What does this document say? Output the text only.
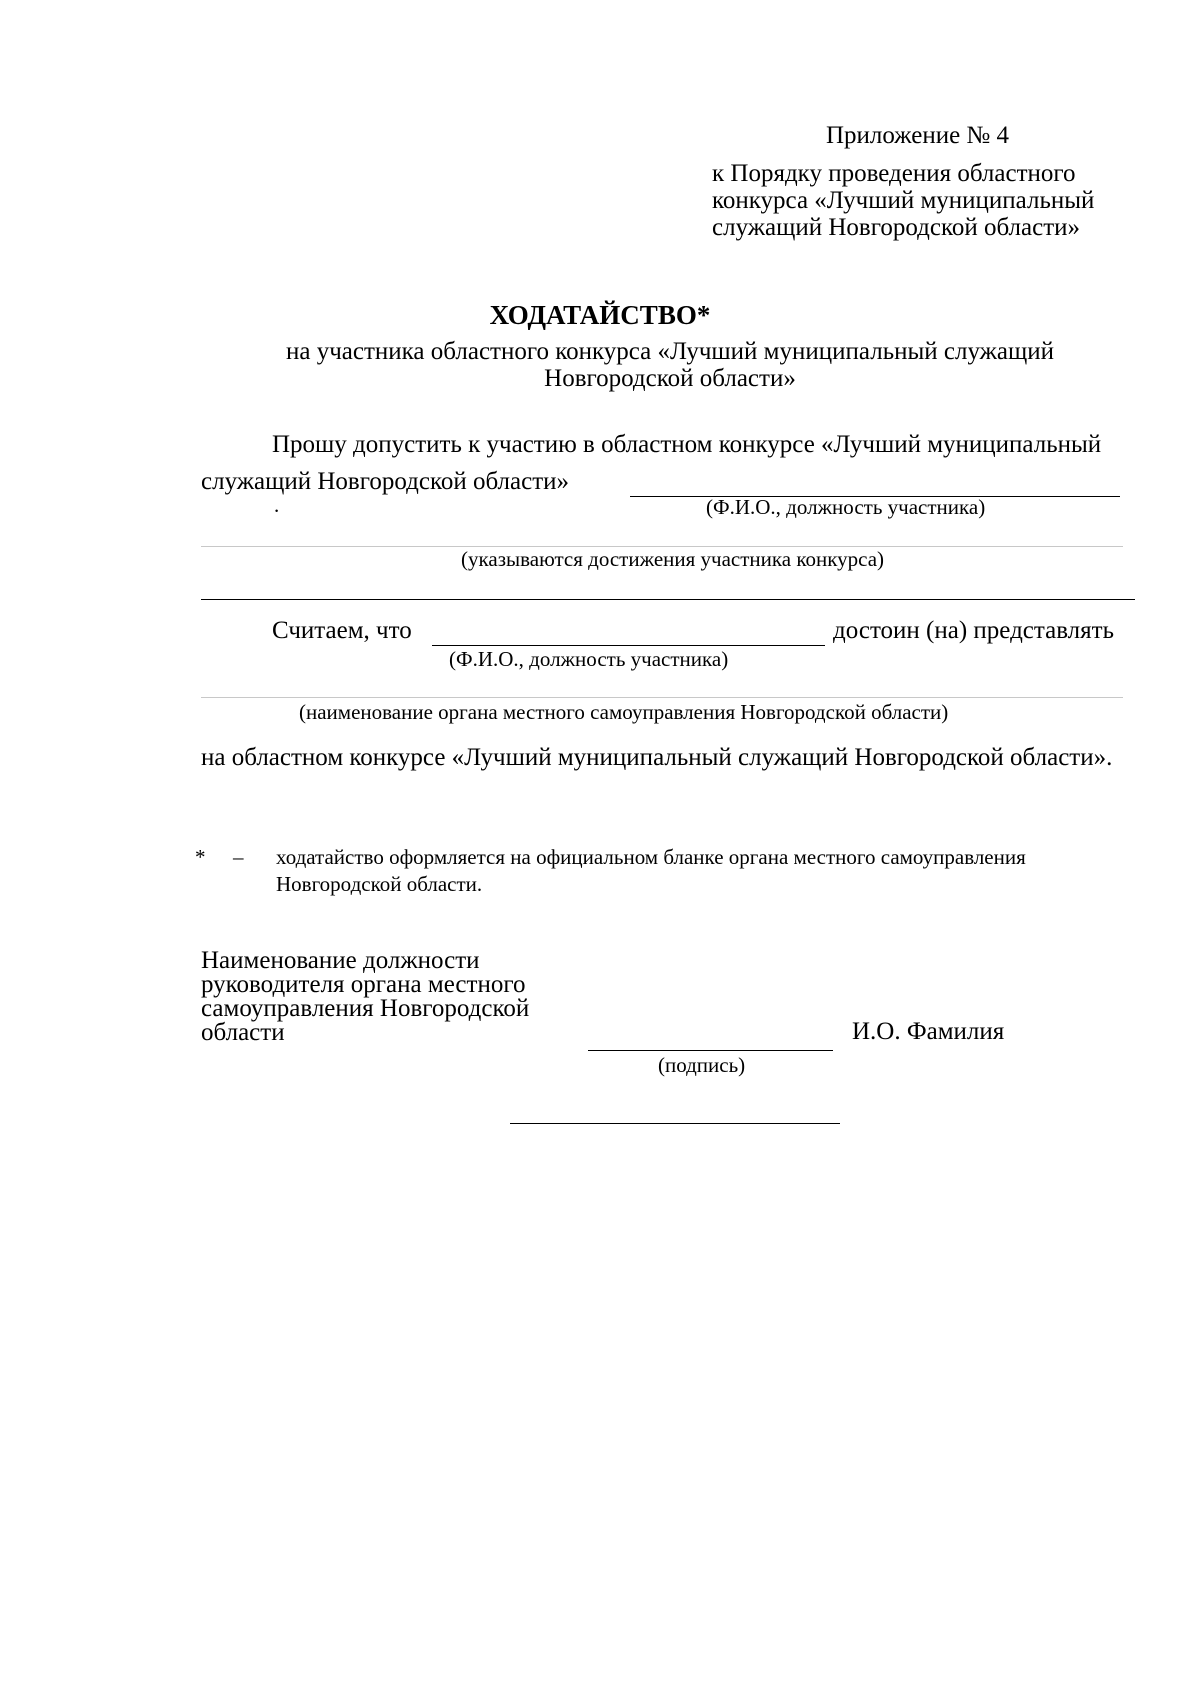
Приложение № 4
к Порядку проведения областного конкурса «Лучший муниципальный служащий Новгородской области»
ХОДАТАЙСТВО*
на участника областного конкурса «Лучший муниципальный служащий Новгородской области»
Прошу допустить к участию в областном конкурсе «Лучший муниципальный
служащий Новгородской области»
.	(Ф.И.О., должность участника)
(указываются достижения участника конкурса)
Считаем, что	достоин (на) представлять
(Ф.И.О., должность участника)
(наименование органа местного самоуправления Новгородской области)
на областном конкурсе «Лучший муниципальный служащий Новгородской области».
* – ходатайство оформляется на официальном бланке органа местного самоуправления Новгородской области.
Наименование должности руководителя органа местного самоуправления Новгородской области
(подпись)
И.О. Фамилия
